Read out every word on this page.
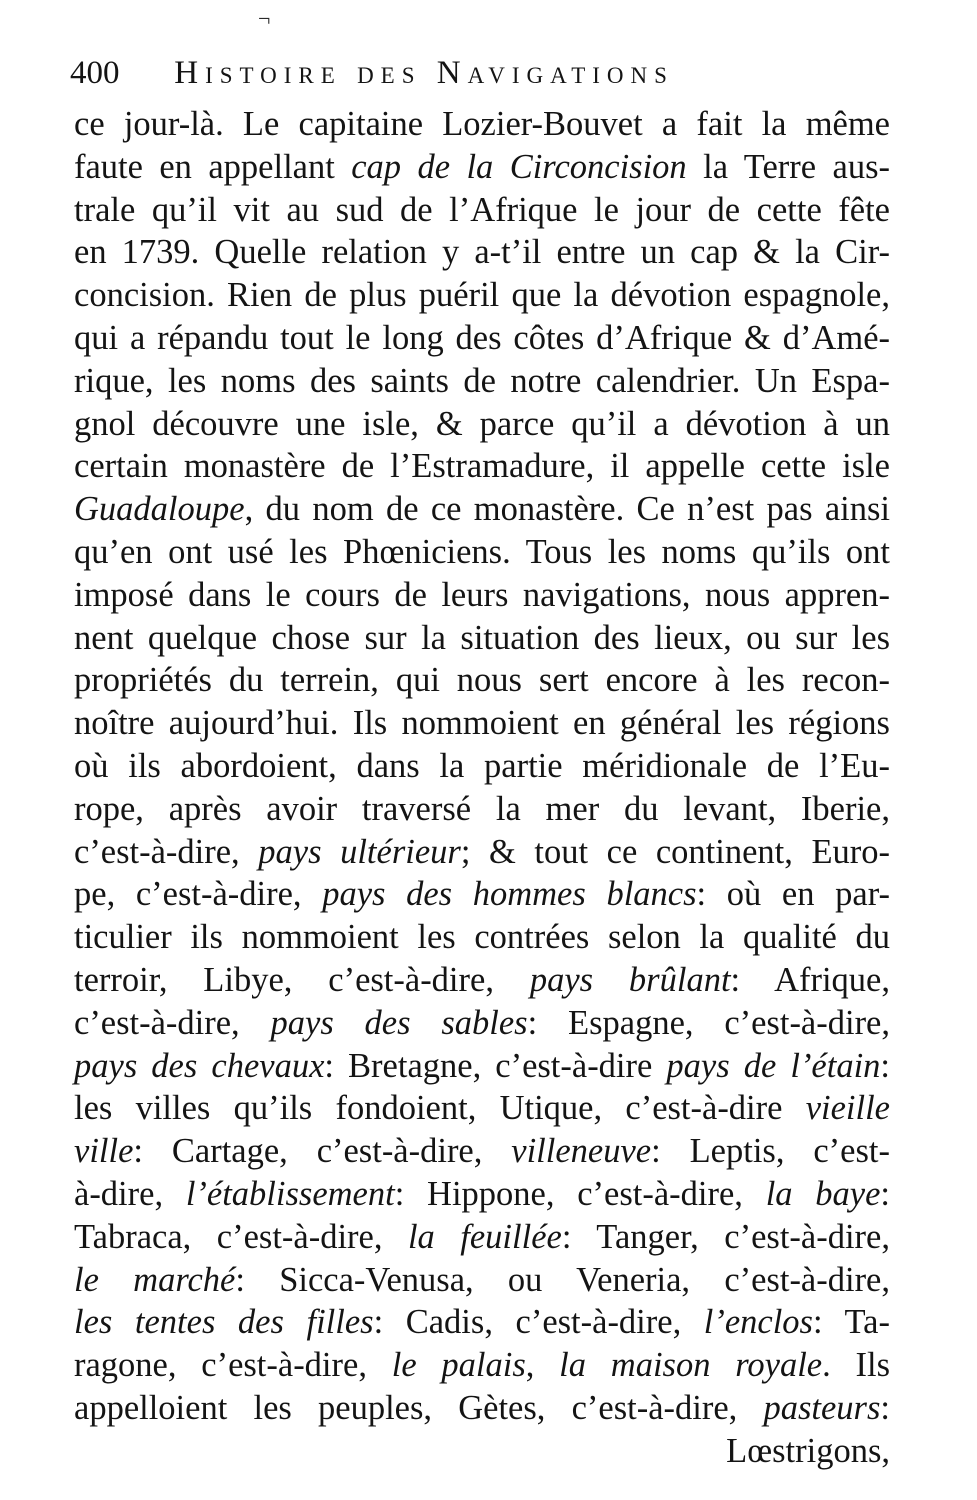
¬
400 Histoire des Navigations
ce jour-là. Le capitaine Lozier-Bouvet a fait la même
faute en appellant cap de la Circoncision la Terre aus-
trale qu’il vit au sud de l’Afrique le jour de cette fête
en 1739. Quelle relation y a-t’il entre un cap & la Cir-
concision. Rien de plus puéril que la dévotion espagnole,
qui a répandu tout le long des côtes d’Afrique & d’Amé-
rique, les noms des saints de notre calendrier. Un Espa-
gnol découvre une isle, & parce qu’il a dévotion à un
certain monastère de l’Estramadure, il appelle cette isle
Guadaloupe, du nom de ce monastère. Ce n’est pas ainsi
qu’en ont usé les Phœniciens. Tous les noms qu’ils ont
imposé dans le cours de leurs navigations, nous appren-
nent quelque chose sur la situation des lieux, ou sur les
propriétés du terrein, qui nous sert encore à les recon-
noître aujourd’hui. Ils nommoient en général les régions
où ils abordoient, dans la partie méridionale de l’Eu-
rope, après avoir traversé la mer du levant, Iberie,
c’est-à-dire, pays ultérieur; & tout ce continent, Euro-
pe, c’est-à-dire, pays des hommes blancs: où en par-
ticulier ils nommoient les contrées selon la qualité du
terroir, Libye, c’est-à-dire, pays brûlant: Afrique,
c’est-à-dire, pays des sables: Espagne, c’est-à-dire,
pays des chevaux: Bretagne, c’est-à-dire pays de l’étain:
les villes qu’ils fondoient, Utique, c’est-à-dire vieille
ville: Cartage, c’est-à-dire, villeneuve: Leptis, c’est-
à-dire, l’établissement: Hippone, c’est-à-dire, la baye:
Tabraca, c’est-à-dire, la feuillée: Tanger, c’est-à-dire,
le marché: Sicca-Venusa, ou Veneria, c’est-à-dire,
les tentes des filles: Cadis, c’est-à-dire, l’enclos: Ta-
ragone, c’est-à-dire, le palais, la maison royale. Ils
appelloient les peuples, Gètes, c’est-à-dire, pasteurs:
Lœstrigons,
